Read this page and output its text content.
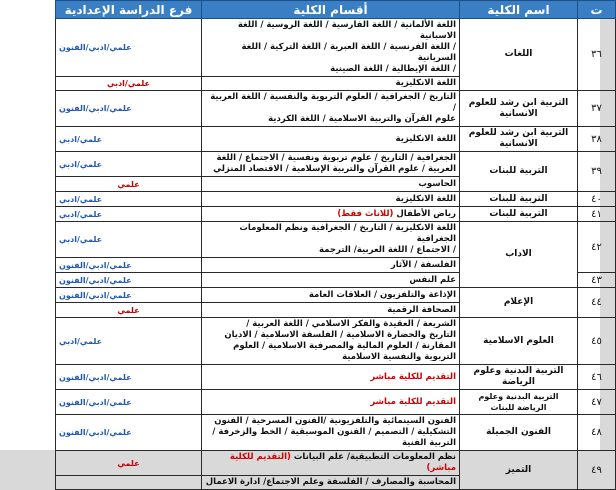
ت	اسم الكلية	أقسام الكلية	فرع الدراسة الإعدادية
٣٦	اللغات	اللغة الألمانية / اللغة الفارسية / اللغة الروسية / اللغة الاسبانية
/ اللغة الفرنسية / اللغة العبرية / اللغة التركية / اللغة السريانية
/ اللغة الإيطالية / اللغة الصينية	علمي/ادبي/الفنون
		اللغة الانكليزية	علمي/ادبي
٣٧	التربية ابن رشد للعلوم الانسانية	التاريخ / الجغرافية / العلوم التربوية والنفسية / اللغة العربية /
علوم القرآن والتربية الاسلامية / اللغة الكردية	علمي/ادبي/الفنون
٣٨	التربية ابن رشد للعلوم الانسانية	اللغة الانكليزية	علمي/ادبي
٣٩	التربية للبنات	الجغرافية / التاريخ / علوم تربوية ونفسية / الاجتماع / اللغة
العربية / علوم القرآن والتربية الإسلامية / الاقتصاد المنزلي	علمي/ادبي
		الحاسوب	علمي
٤٠	التربية للبنات	اللغة الانكليزية	علمي/ادبي
٤١	التربية للبنات	رياض الأطفال (للاناث فقط)	علمي/ادبي
٤٢	الاداب	اللغة الانكليزية / التاريخ / الجغرافية ونظم المعلومات الجغرافية
/ الاجتماع / اللغة العربية/ الترجمة	علمي/ادبي
		الفلسفة / الآثار	علمي/ادبي/الفنون
٤٣		علم النفس	علمي/ادبي/الفنون
٤٤	الإعلام	الإذاعة والتلفزيون / العلاقات العامة	علمي/ادبي/الفنون
		الصحافة الرقمية	علمي
٤٥	العلوم الاسلامية	الشريعة / العقيدة والفكر الاسلامي / اللغة العربية /
التاريخ والحضارة الاسلامية / الفلسفة الاسلامية / الاديان
المقارنة / العلوم المالية والمصرفية الاسلامية / العلوم
التربوية والنفسية الاسلامية	علمي/ادبي
٤٦	التربية البدنية وعلوم الرياضة	التقديم للكلية مباشر	علمي/ادبي/الفنون
٤٧	التربية البدنية وعلوم الرياضة للبنات	التقديم للكلية مباشر	علمي/ادبي/الفنون
٤٨	الفنون الجميلة	الفنون السينمائية والتلفزيونية /الفنون المسرحية / الفنون
التشكيلية / التصميم / الفنون الموسيقية / الخط والزخرفة /
التربية الفنية	علمي/ادبي/الفنون
٤٩	التميز	نظم المعلومات التطبيقية/ علم البيانات (التقديم للكلية مباشر)	علمي
		المحاسبة والمصارف / الفلسفة وعلم الاجتماع/ ادارة الاعمال	
